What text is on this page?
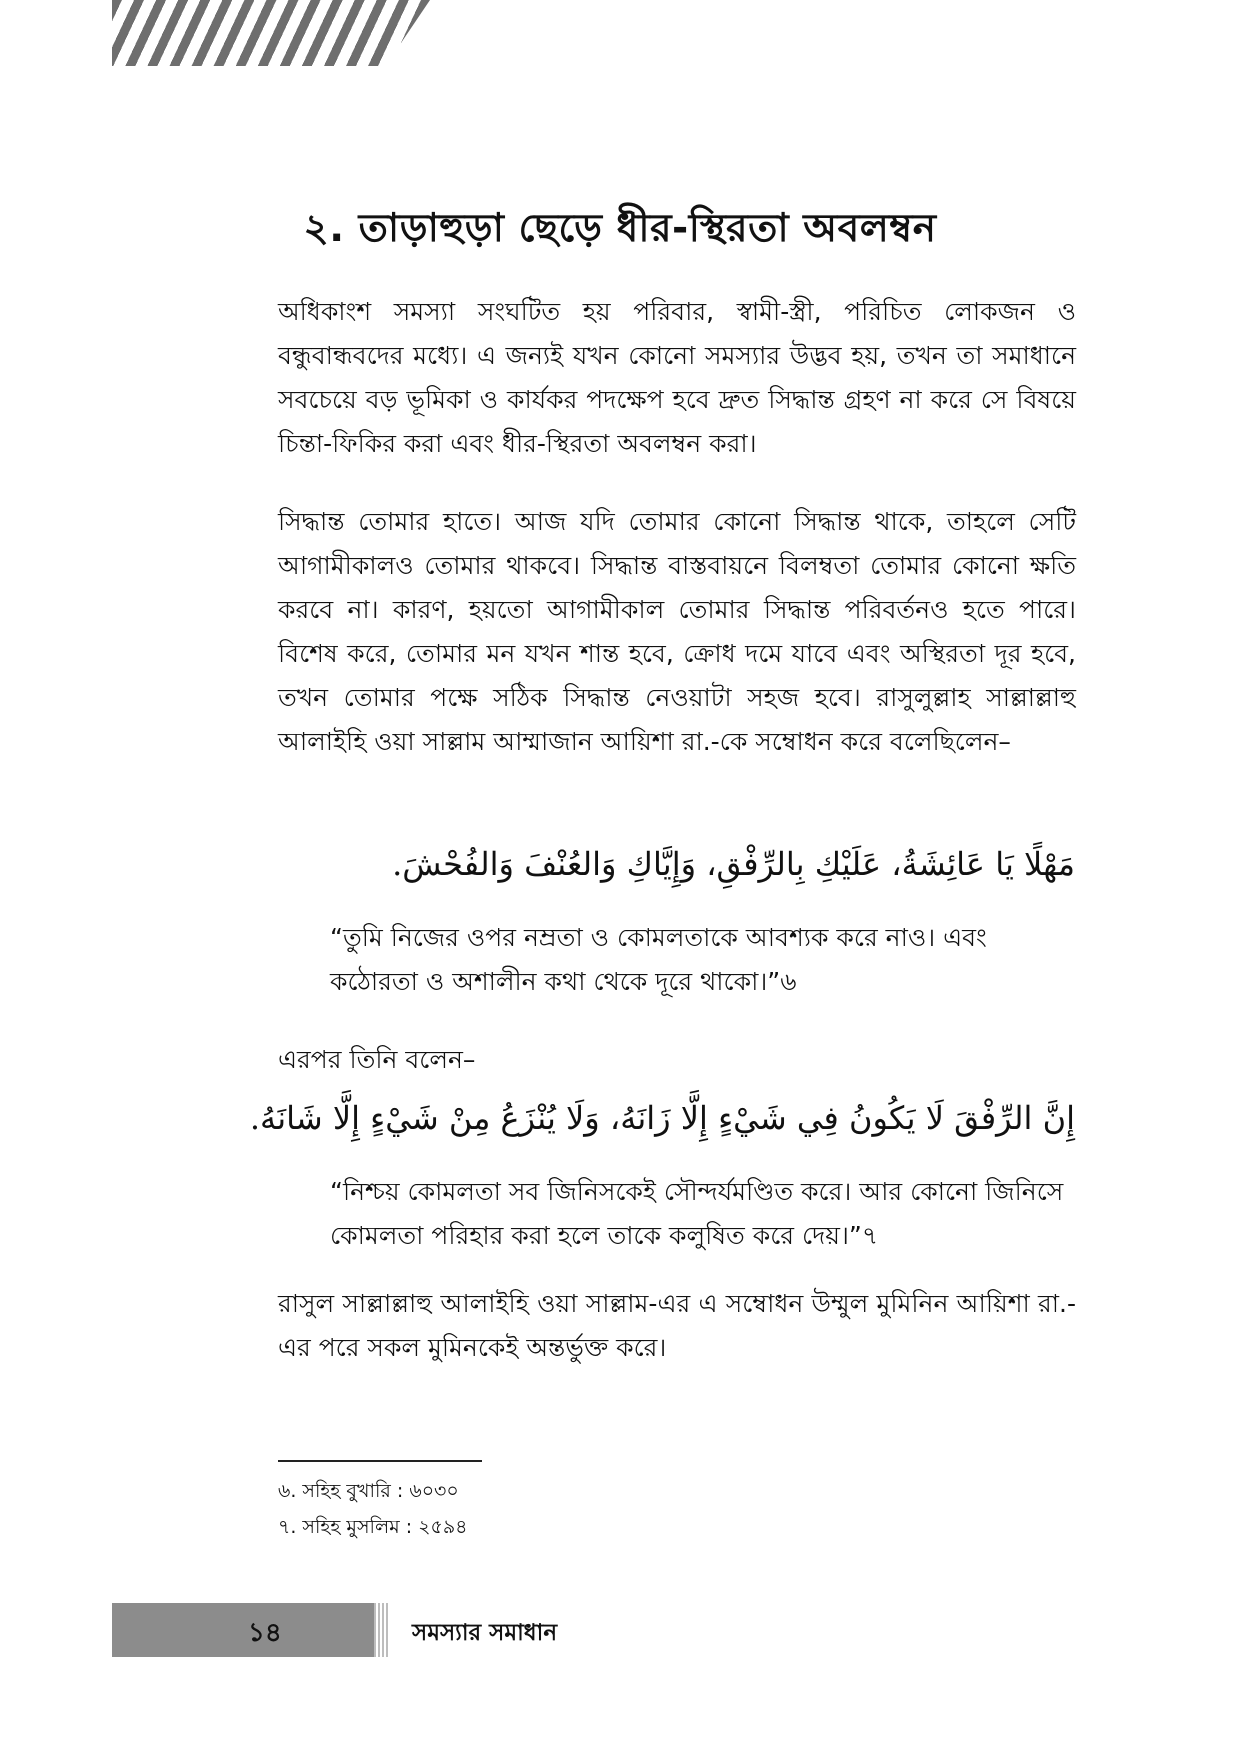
২. তাড়াহুড়া ছেড়ে ধীর-স্থিরতা অবলম্বন

অধিকাংশ সমস্যা সংঘটিত হয় পরিবার, স্বামী-স্ত্রী, পরিচিত লোকজন ও বন্ধুবান্ধবদের মধ্যে। এ জন্যই যখন কোনো সমস্যার উদ্ভব হয়, তখন তা সমাধানে সবচেয়ে বড় ভূমিকা ও কার্যকর পদক্ষেপ হবে দ্রুত সিদ্ধান্ত গ্রহণ না করে সে বিষয়ে চিন্তা-ফিকির করা এবং ধীর-স্থিরতা অবলম্বন করা।

সিদ্ধান্ত তোমার হাতে। আজ যদি তোমার কোনো সিদ্ধান্ত থাকে, তাহলে সেটি আগামীকালও তোমার থাকবে। সিদ্ধান্ত বাস্তবায়নে বিলম্বতা তোমার কোনো ক্ষতি করবে না। কারণ, হয়তো আগামীকাল তোমার সিদ্ধান্ত পরিবর্তনও হতে পারে। বিশেষ করে, তোমার মন যখন শান্ত হবে, ক্রোধ দমে যাবে এবং অস্থিরতা দূর হবে, তখন তোমার পক্ষে সঠিক সিদ্ধান্ত নেওয়াটা সহজ হবে। রাসুলুল্লাহ সাল্লাল্লাহু আলাইহি ওয়া সাল্লাম আম্মাজান আয়িশা রা.-কে সম্বোধন করে বলেছিলেন–

مَهْلًا يَا عَائِشَةُ، عَلَيْكِ بِالرِّفْقِ، وَإِيَّاكِ وَالعُنْفَ وَالفُحْشَ.

“তুমি নিজের ওপর নম্রতা ও কোমলতাকে আবশ্যক করে নাও। এবং কঠোরতা ও অশালীন কথা থেকে দূরে থাকো।”৬

এরপর তিনি বলেন–

إِنَّ الرِّفْقَ لَا يَكُونُ فِي شَيْءٍ إِلَّا زَانَهُ، وَلَا يُنْزَعُ مِنْ شَيْءٍ إِلَّا شَانَهُ.

“নিশ্চয় কোমলতা সব জিনিসকেই সৌন্দর্যমণ্ডিত করে। আর কোনো জিনিসে কোমলতা পরিহার করা হলে তাকে কলুষিত করে দেয়।”৭

রাসুল সাল্লাল্লাহু আলাইহি ওয়া সাল্লাম-এর এ সম্বোধন উম্মুল মুমিনিন আয়িশা রা.-এর পরে সকল মুমিনকেই অন্তর্ভুক্ত করে।

৬. সহিহ বুখারি : ৬০৩০

৭. সহিহ মুসলিম : ২৫৯৪

১৪	সমস্যার সমাধান
